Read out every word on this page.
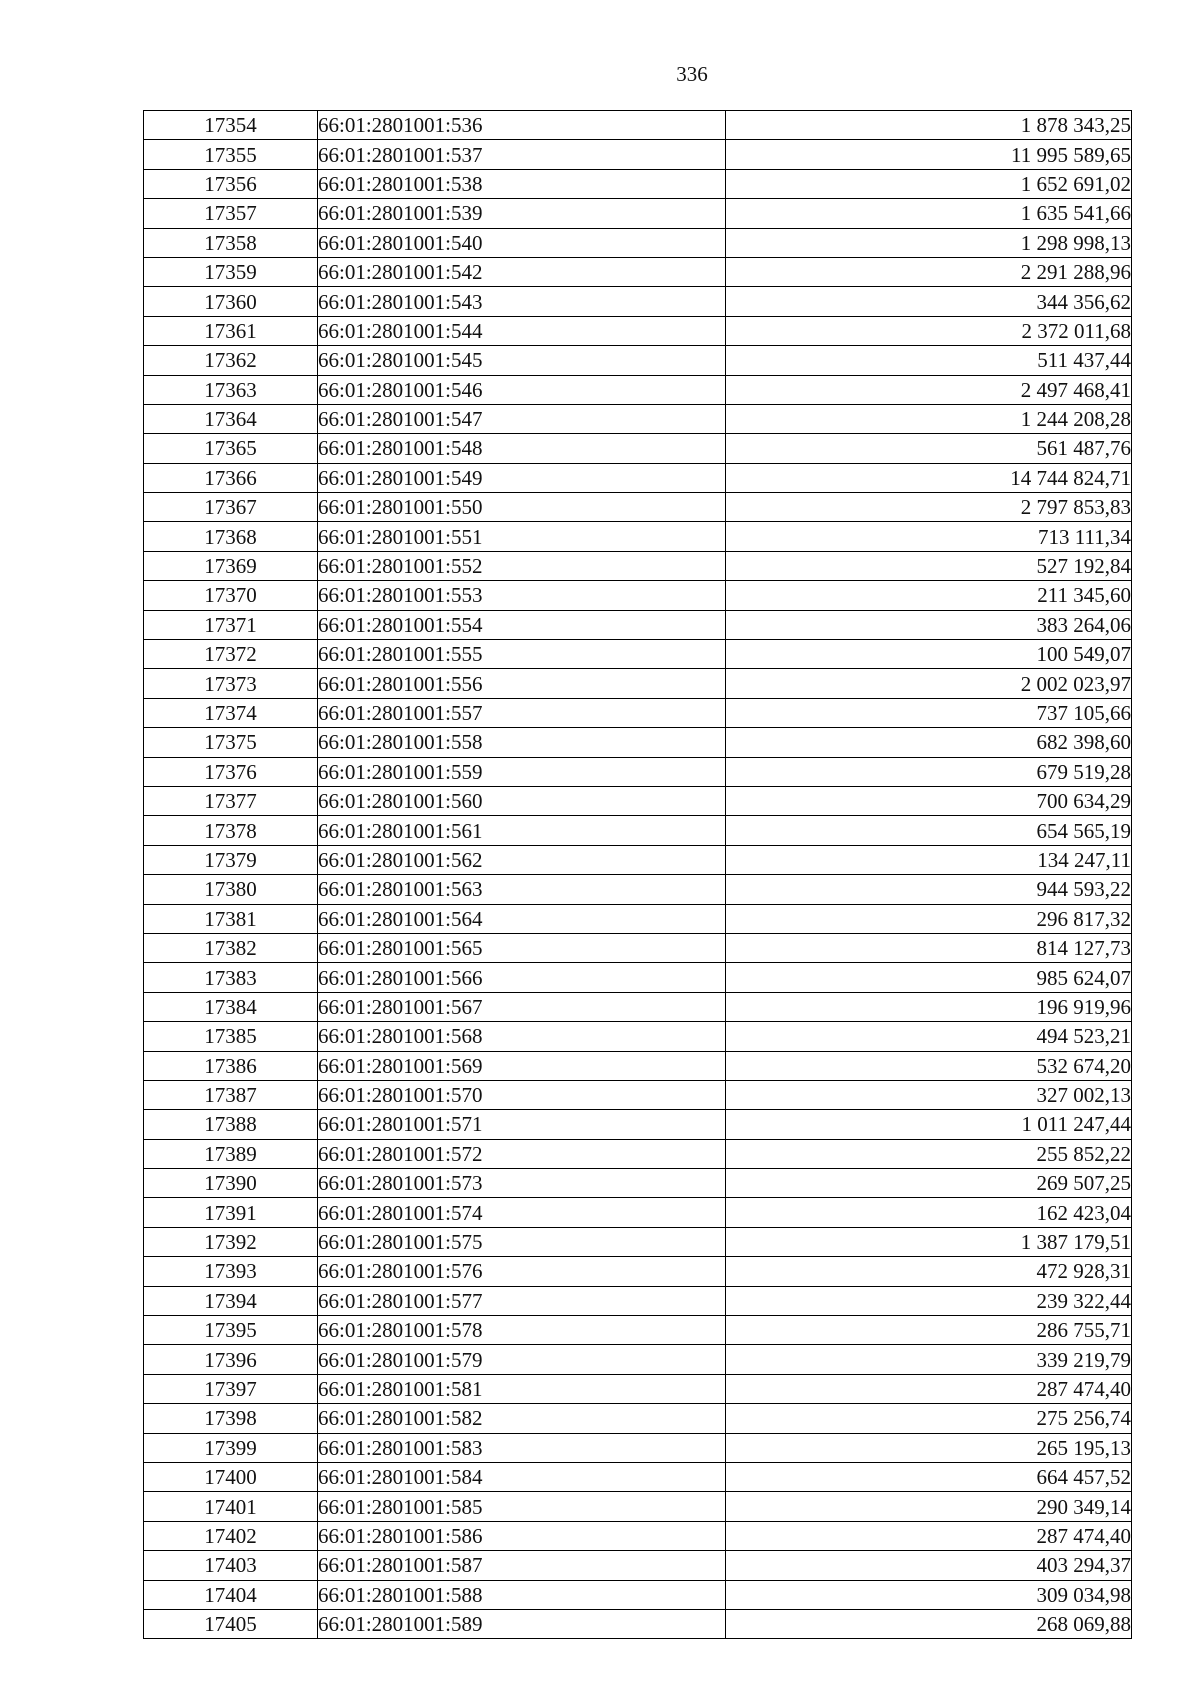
336
17354	66:01:2801001:536	1 878 343,25
17355	66:01:2801001:537	11 995 589,65
17356	66:01:2801001:538	1 652 691,02
17357	66:01:2801001:539	1 635 541,66
17358	66:01:2801001:540	1 298 998,13
17359	66:01:2801001:542	2 291 288,96
17360	66:01:2801001:543	344 356,62
17361	66:01:2801001:544	2 372 011,68
17362	66:01:2801001:545	511 437,44
17363	66:01:2801001:546	2 497 468,41
17364	66:01:2801001:547	1 244 208,28
17365	66:01:2801001:548	561 487,76
17366	66:01:2801001:549	14 744 824,71
17367	66:01:2801001:550	2 797 853,83
17368	66:01:2801001:551	713 111,34
17369	66:01:2801001:552	527 192,84
17370	66:01:2801001:553	211 345,60
17371	66:01:2801001:554	383 264,06
17372	66:01:2801001:555	100 549,07
17373	66:01:2801001:556	2 002 023,97
17374	66:01:2801001:557	737 105,66
17375	66:01:2801001:558	682 398,60
17376	66:01:2801001:559	679 519,28
17377	66:01:2801001:560	700 634,29
17378	66:01:2801001:561	654 565,19
17379	66:01:2801001:562	134 247,11
17380	66:01:2801001:563	944 593,22
17381	66:01:2801001:564	296 817,32
17382	66:01:2801001:565	814 127,73
17383	66:01:2801001:566	985 624,07
17384	66:01:2801001:567	196 919,96
17385	66:01:2801001:568	494 523,21
17386	66:01:2801001:569	532 674,20
17387	66:01:2801001:570	327 002,13
17388	66:01:2801001:571	1 011 247,44
17389	66:01:2801001:572	255 852,22
17390	66:01:2801001:573	269 507,25
17391	66:01:2801001:574	162 423,04
17392	66:01:2801001:575	1 387 179,51
17393	66:01:2801001:576	472 928,31
17394	66:01:2801001:577	239 322,44
17395	66:01:2801001:578	286 755,71
17396	66:01:2801001:579	339 219,79
17397	66:01:2801001:581	287 474,40
17398	66:01:2801001:582	275 256,74
17399	66:01:2801001:583	265 195,13
17400	66:01:2801001:584	664 457,52
17401	66:01:2801001:585	290 349,14
17402	66:01:2801001:586	287 474,40
17403	66:01:2801001:587	403 294,37
17404	66:01:2801001:588	309 034,98
17405	66:01:2801001:589	268 069,88
